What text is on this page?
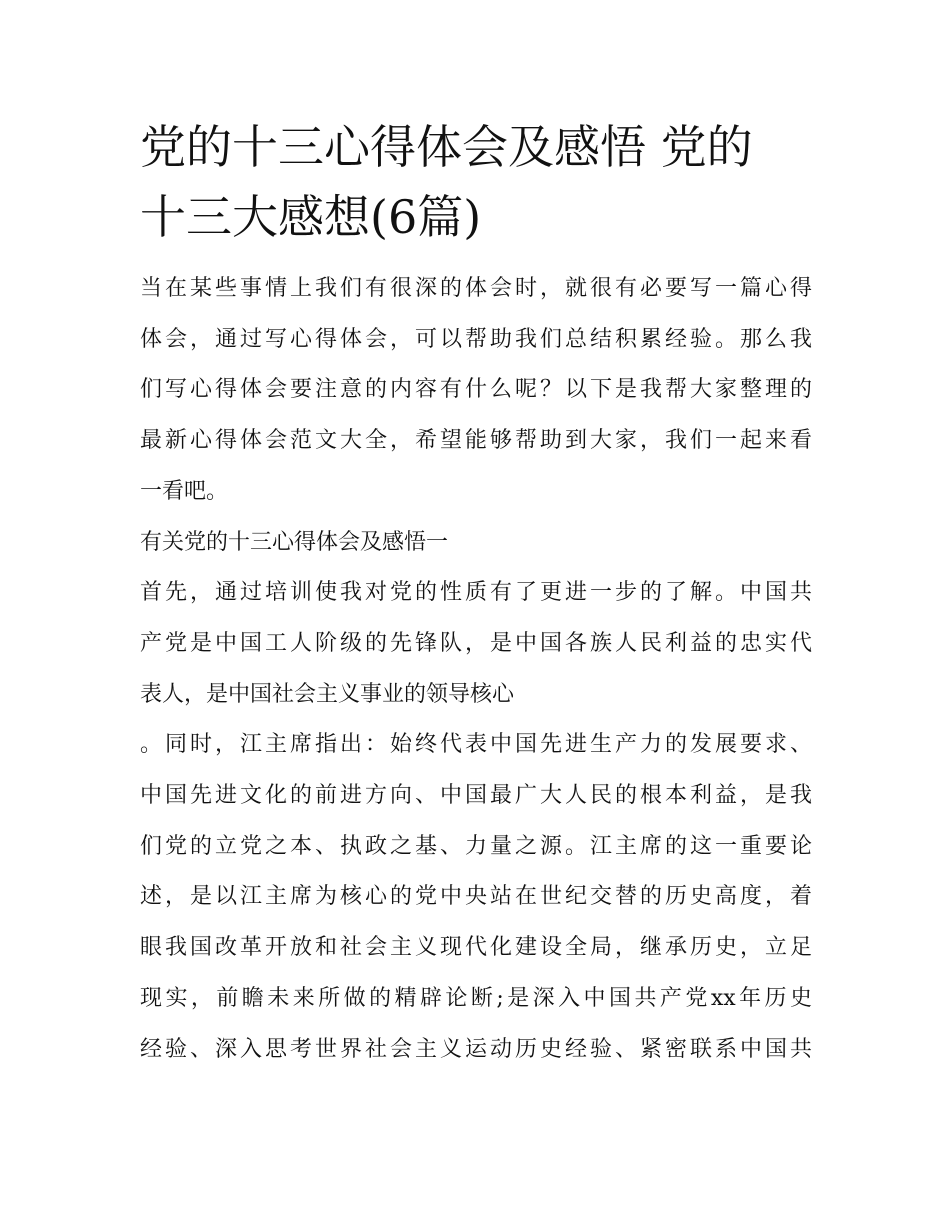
党的十三心得体会及感悟 党的
十三大感想(6篇)
当在某些事情上我们有很深的体会时，就很有必要写一篇心得
体会，通过写心得体会，可以帮助我们总结积累经验。那么我
们写心得体会要注意的内容有什么呢？以下是我帮大家整理的
最新心得体会范文大全，希望能够帮助到大家，我们一起来看
一看吧。
有关党的十三心得体会及感悟一
首先，通过培训使我对党的性质有了更进一步的了解。中国共
产党是中国工人阶级的先锋队，是中国各族人民利益的忠实代
表人，是中国社会主义事业的领导核心
。同时，江主席指出：始终代表中国先进生产力的发展要求、
中国先进文化的前进方向、中国最广大人民的根本利益，是我
们党的立党之本、执政之基、力量之源。江主席的这一重要论
述，是以江主席为核心的党中央站在世纪交替的历史高度，着
眼我国改革开放和社会主义现代化建设全局，继承历史，立足
现实，前瞻未来所做的精辟论断;是深入中国共产党xx年历史
经验、深入思考世界社会主义运动历史经验、紧密联系中国共
